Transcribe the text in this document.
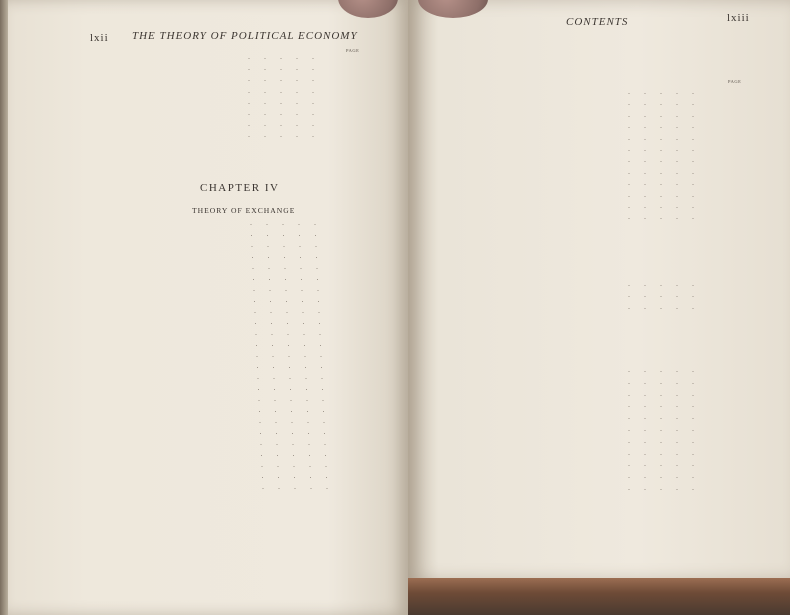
lxii THE THEORY OF POLITICAL ECONOMY
PAGE
. . . . .
. . . . .
. . . . .
. . . . .
. . . . .
. . . . .
. . . . .
. . . . .
CHAPTER IV
THEORY OF EXCHANGE
. . . . .
. . . . .
. . . . .
. . . . .
. . . . .
. . . . .
. . . . .
. . . . .
. . . . .
. . . . .
. . . . .
. . . . .
. . . . .
. . . . .
. . . . .
. . . . .
. . . . .
. . . . .
. . . . .
. . . . .
. . . . .
. . . . .
. . . . .
. . . . .
. . . . .
CONTENTS	lxiii
PAGE
. . . . .
. . . . .
. . . . .
. . . . .
. . . . .
. . . . .
. . . . .
. . . . .
. . . . .
. . . . .
. . . . .
. . . . .
. . . . .
. . . . .
. . . . .
. . . . .
. . . . .
. . . . .
. . . . .
. . . . .
. . . . .
. . . . .
. . . . .
. . . . .
. . . . .
. . . . .
